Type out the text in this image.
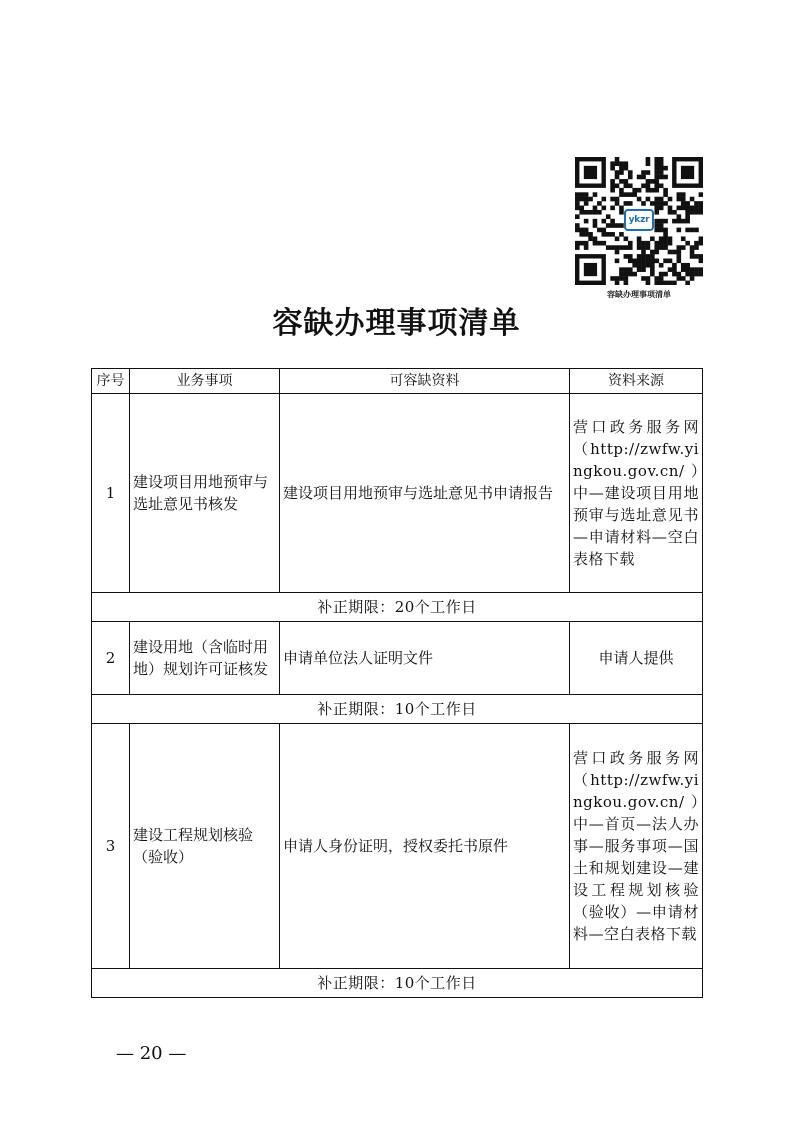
ykzr
容缺办理事项清单
容缺办理事项清单
序号	业务事项	可容缺资料	资料来源
1	建设项目用地预审与选址意见书核发	建设项目用地预审与选址意见书申请报告	营口政务服务网（http://zwfw.yingkou.gov.cn/）中—建设项目用地预审与选址意见书—申请材料—空白表格下载
补正期限：20个工作日			
2	建设用地（含临时用地）规划许可证核发	申请单位法人证明文件	申请人提供
补正期限：10个工作日			
3	建设工程规划核验（验收）	申请人身份证明，授权委托书原件	营口政务服务网（http://zwfw.yingkou.gov.cn/）中—首页—法人办事—服务事项—国土和规划建设—建设工程规划核验（验收）—申请材料—空白表格下载
补正期限：10个工作日			
— 20 —
